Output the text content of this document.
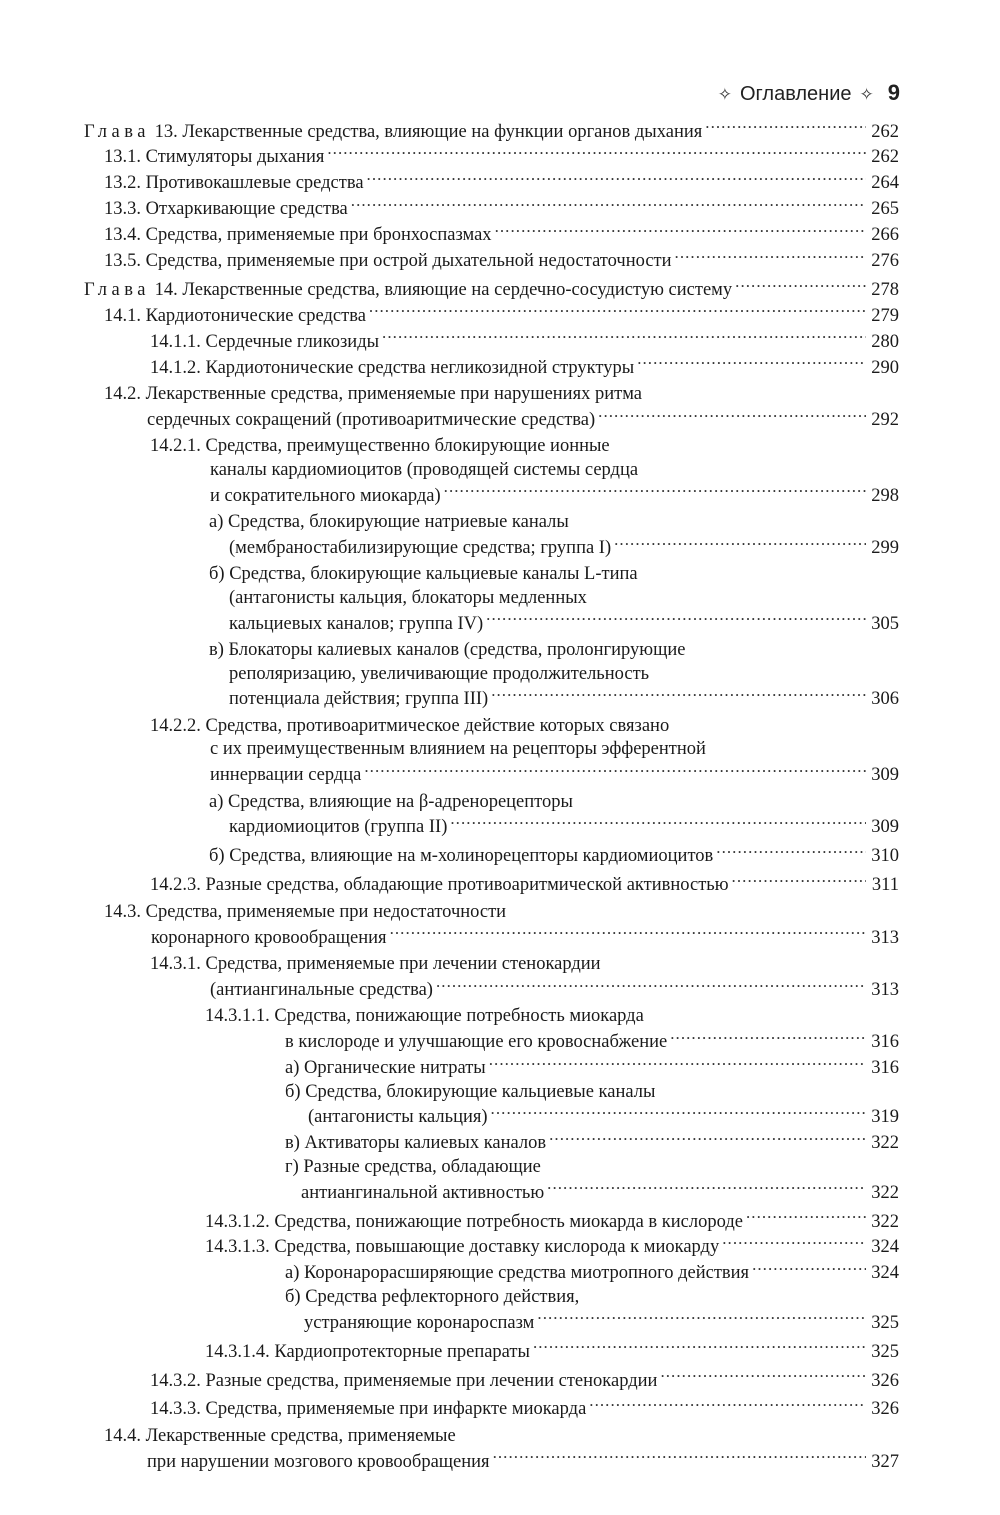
✧ Оглавление ✧ 9
Глава 13. Лекарственные средства, влияющие на функции органов дыхания . . .	262
13.1. Стимуляторы дыхания . . .	262
13.2. Противокашлевые средства . . .	264
13.3. Отхаркивающие средства . . .	265
13.4. Средства, применяемые при бронхоспазмах . . .	266
13.5. Средства, применяемые при острой дыхательной недостаточности . . .	276
Глава 14. Лекарственные средства, влияющие на сердечно-сосудистую систему . . .	278
14.1. Кардиотонические средства . . .	279
14.1.1. Сердечные гликозиды . . .	280
14.1.2. Кардиотонические средства негликозидной структуры . . .	290
14.2. Лекарственные средства, применяемые при нарушениях ритма
сердечных сокращений (противоаритмические средства) . . .	292
14.2.1. Средства, преимущественно блокирующие ионные
каналы кардиомиоцитов (проводящей системы сердца
и сократительного миокарда) . . .	298
а) Средства, блокирующие натриевые каналы
(мембраностабилизирующие средства; группа I) . . .	299
б) Средства, блокирующие кальциевые каналы L-типа
(антагонисты кальция, блокаторы медленных
кальциевых каналов; группа IV) . . .	305
в) Блокаторы калиевых каналов (средства, пролонгирующие
реполяризацию, увеличивающие продолжительность
потенциала действия; группа III) . . .	306
14.2.2. Средства, противоаритмическое действие которых связано
с их преимущественным влиянием на рецепторы эфферентной
иннервации сердца . . .	309
а) Средства, влияющие на β-адренорецепторы
кардиомиоцитов (группа II) . . .	309
б) Средства, влияющие на м-холинорецепторы кардиомиоцитов . . .	310
14.2.3. Разные средства, обладающие противоаритмической активностью . . .	311
14.3. Средства, применяемые при недостаточности
коронарного кровообращения . . .	313
14.3.1. Средства, применяемые при лечении стенокардии
(антиангинальные средства) . . .	313
14.3.1.1. Средства, понижающие потребность миокарда
в кислороде и улучшающие его кровоснабжение . . .	316
а) Органические нитраты . . .	316
б) Средства, блокирующие кальциевые каналы
(антагонисты кальция) . . .	319
в) Активаторы калиевых каналов . . .	322
г) Разные средства, обладающие
антиангинальной активностью . . .	322
14.3.1.2. Средства, понижающие потребность миокарда в кислороде . . .	322
14.3.1.3. Средства, повышающие доставку кислорода к миокарду . . .	324
а) Коронарорасширяющие средства миотропного действия . . .	324
б) Средства рефлекторного действия,
устраняющие коронароспазм . . .	325
14.3.1.4. Кардиопротекторные препараты . . .	325
14.3.2. Разные средства, применяемые при лечении стенокардии . . .	326
14.3.3. Средства, применяемые при инфаркте миокарда . . .	326
14.4. Лекарственные средства, применяемые
при нарушении мозгового кровообращения . . .	327
